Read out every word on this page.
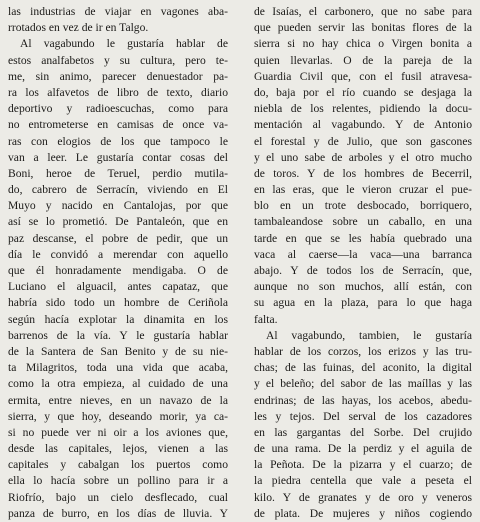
las industrias de viajar en vagones aba-
rrotados en vez de ir en Talgo.
Al vagabundo le gustaría hablar de
estos analfabetos y su cultura, pero te-
me, sin animo, parecer denuestador pa-
ra los alfavetos de libro de texto, diario
deportivo y radioescuchas, como para
no entrometerse en camisas de once va-
ras con elogios de los que tampoco le
van a leer. Le gustaría contar cosas del
Boni, heroe de Teruel, perdio mutila-
do, cabrero de Serracín, viviendo en El
Muyo y nacido en Cantalojas, por que
así se lo prometió. De Pantaleón, que en
paz descanse, el pobre de pedir, que un
día le convidó a merendar con aquello
que él honradamente mendigaba. O de
Luciano el alguacil, antes capataz, que
habría sido todo un hombre de Ceriñola
según hacía explotar la dinamita en los
barrenos de la vía. Y le gustaría hablar
de la Santera de San Benito y de su nie-
ta Milagritos, toda una vida que acaba,
como la otra empieza, al cuidado de una
ermita, entre nieves, en un navazo de la
sierra, y que hoy, deseando morir, ya ca-
si no puede ver ni oir a los aviones que,
desde las capitales, lejos, vienen a las
capitales y cabalgan los puertos como
ella lo hacía sobre un pollino para ir a
Riofrío, bajo un cielo desflecado, cual
panza de burro, en los días de lluvia. Y
de Isaías, el carbonero, que no sabe para
que pueden servir las bonitas flores de la
sierra si no hay chica o Virgen bonita a
quien llevarlas. O de la pareja de la
Guardia Civil que, con el fusil atravesa-
do, baja por el río cuando se desjaga la
niebla de los relentes, pidiendo la docu-
mentación al vagabundo. Y de Antonio
el forestal y de Julio, que son gascones
y el uno sabe de arboles y el otro mucho
de toros. Y de los hombres de Becerril,
en las eras, que le vieron cruzar el pue-
blo en un trote desbocado, borriquero,
tambaleandose sobre un caballo, en una
tarde en que se les había quebrado una
vaca al caerse—la vaca—una barranca
abajo. Y de todos los de Serracín, que,
aunque no son muchos, allí están, con
su agua en la plaza, para lo que haga
falta.
Al vagabundo, tambien, le gustaría
hablar de los corzos, los erizos y las tru-
chas; de las fuinas, del aconito, la digital
y el beleño; del sabor de las maíllas y las
endrinas; de las hayas, los acebos, abedu-
les y tejos. Del serval de los cazadores
en las gargantas del Sorbe. Del crujido
de una rama. De la perdiz y el aguila de
la Peñota. De la pizarra y el cuarzo; de
la piedra centella que vale a peseta el
kilo. Y de granates y de oro y veneros
de plata. De mujeres y niños cogiendo
